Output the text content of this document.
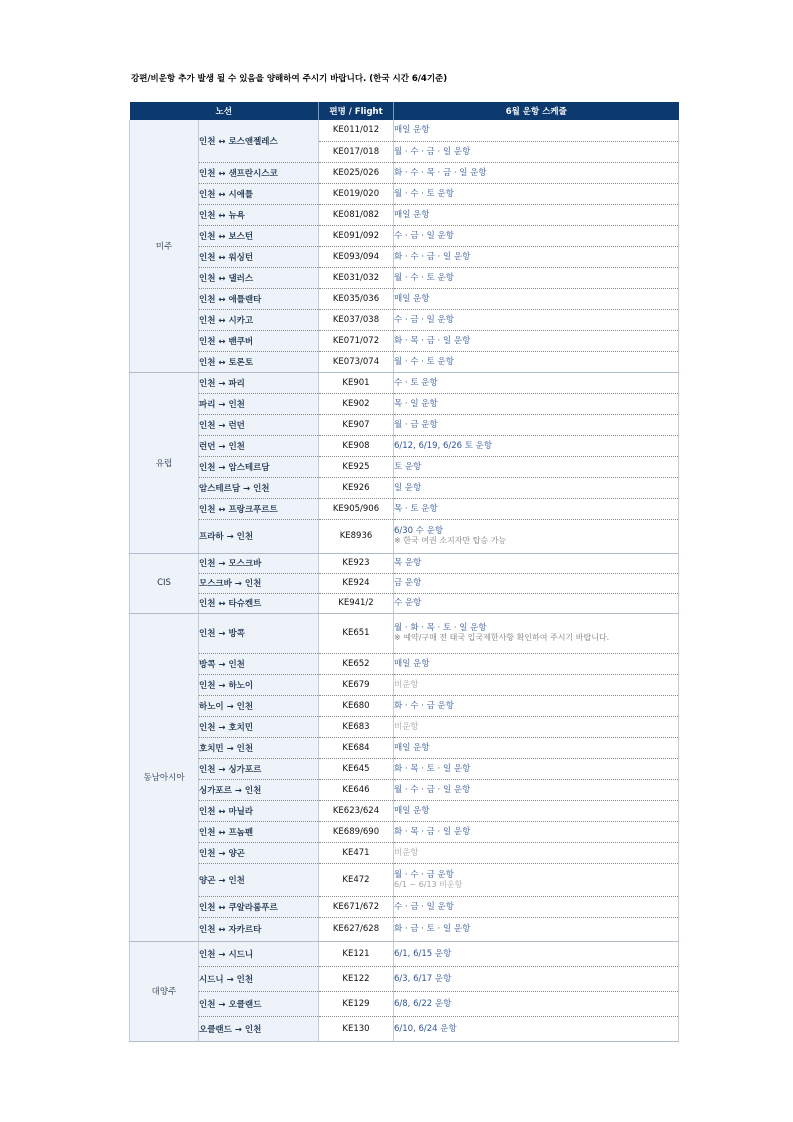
강편/비운항 추가 발생 될 수 있음을 양해하여 주시기 바랍니다. (한국 시간 6/4기준)
노선		편명 / Flight	6월 운항 스케줄
미주	인천 ↔ 로스앤젤레스	KE011/012	매일 운항
		KE017/018	월 · 수 · 금 · 일 운항
	인천 ↔ 샌프란시스코	KE025/026	화 · 수 · 목 · 금 · 일 운항
	인천 ↔ 시애틀	KE019/020	월 · 수 · 토 운항
	인천 ↔ 뉴욕	KE081/082	매일 운항
	인천 ↔ 보스턴	KE091/092	수 · 금 · 일 운항
	인천 ↔ 워싱턴	KE093/094	화 · 수 · 금 · 일 운항
	인천 ↔ 댈러스	KE031/032	월 · 수 · 토 운항
	인천 ↔ 애틀랜타	KE035/036	매일 운항
	인천 ↔ 시카고	KE037/038	수 · 금 · 일 운항
	인천 ↔ 밴쿠버	KE071/072	화 · 목 · 금 · 일 운항
	인천 ↔ 토론토	KE073/074	월 · 수 · 토 운항
유럽	인천 → 파리	KE901	수 · 토 운항
	파리 → 인천	KE902	목 · 일 운항
	인천 → 런던	KE907	월 · 금 운항
	런던 → 인천	KE908	6/12, 6/19, 6/26 토 운항
	인천 → 암스테르담	KE925	토 운항
	암스테르담 → 인천	KE926	일 운항
	인천 ↔ 프랑크푸르트	KE905/906	목 · 토 운항
	프라하 → 인천	KE8936	6/30 수 운항
※ 한국 여권 소지자만 탑승 가능

CIS	인천 → 모스크바	KE923	목 운항
	모스크바 → 인천	KE924	금 운항
	인천 ↔ 타슈켄트	KE941/2	수 운항
동남아시아	인천 → 방콕	KE651	월 · 화 · 목 · 토 · 일 운항
※ 예약/구매 전 태국 입국제한사항 확인하여 주시기 바랍니다.

	방콕 → 인천	KE652	매일 운항
	인천 → 하노이	KE679	비운항
	하노이 → 인천	KE680	화 · 수 · 금 운항
	인천 → 호치민	KE683	비운항
	호치민 → 인천	KE684	매일 운항
	인천 → 싱가포르	KE645	화 · 목 · 토 · 일 운항
	싱가포르 → 인천	KE646	월 · 수 · 금 · 일 운항
	인천 ↔ 마닐라	KE623/624	매일 운항
	인천 ↔ 프놈펜	KE689/690	화 · 목 · 금 · 일 운항
	인천 → 양곤	KE471	비운항
	양곤 → 인천	KE472	월 · 수 · 금 운항
6/1 ~ 6/13 비운항

	인천 ↔ 쿠알라룸푸르	KE671/672	수 · 금 · 일 운항
	인천 ↔ 자카르타	KE627/628	화 · 금 · 토 · 일 운항
대양주	인천 → 시드니	KE121	6/1, 6/15 운항
	시드니 → 인천	KE122	6/3, 6/17 운항
	인천 → 오클랜드	KE129	6/8, 6/22 운항
	오클랜드 → 인천	KE130	6/10, 6/24 운항
